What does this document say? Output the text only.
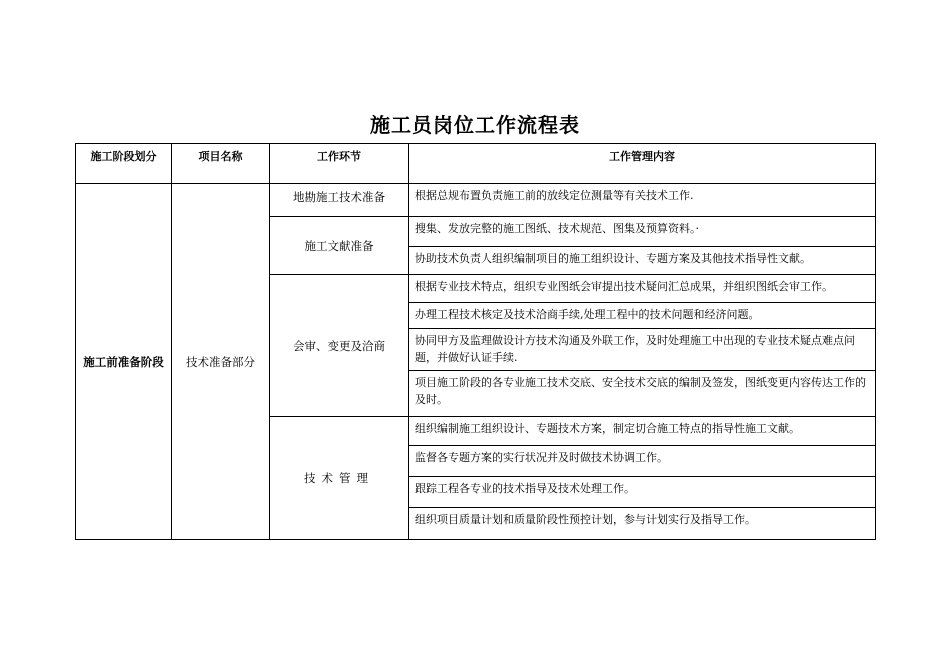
施工员岗位工作流程表
施工阶段划分	项目名称	工作环节	工作管理内容
施工前准备阶段	技术准备部分	地勘施工技术准备	根据总规布置负责施工前的放线定位测量等有关技术工作.
		施工文献准备	搜集、发放完整的施工图纸、技术规范、图集及预算资料。·
			协助技术负责人组织编制项目的施工组织设计、专题方案及其他技术指导性文献。
		会审、变更及洽商	根据专业技术特点，组织专业图纸会审提出技术疑问汇总成果，并组织图纸会审工作。
			办理工程技术核定及技术洽商手续,处理工程中的技术问题和经济问题。
			协同甲方及监理做设计方技术沟通及外联工作，及时处理施工中出现的专业技术疑点难点问题，并做好认证手续.
			项目施工阶段的各专业施工技术交底、安全技术交底的编制及签发，图纸变更内容传达工作的及时。
		技术管理	组织编制施工组织设计、专题技术方案，制定切合施工特点的指导性施工文献。
			监督各专题方案的实行状况并及时做技术协调工作。
			跟踪工程各专业的技术指导及技术处理工作。
			组织项目质量计划和质量阶段性预控计划，参与计划实行及指导工作。
